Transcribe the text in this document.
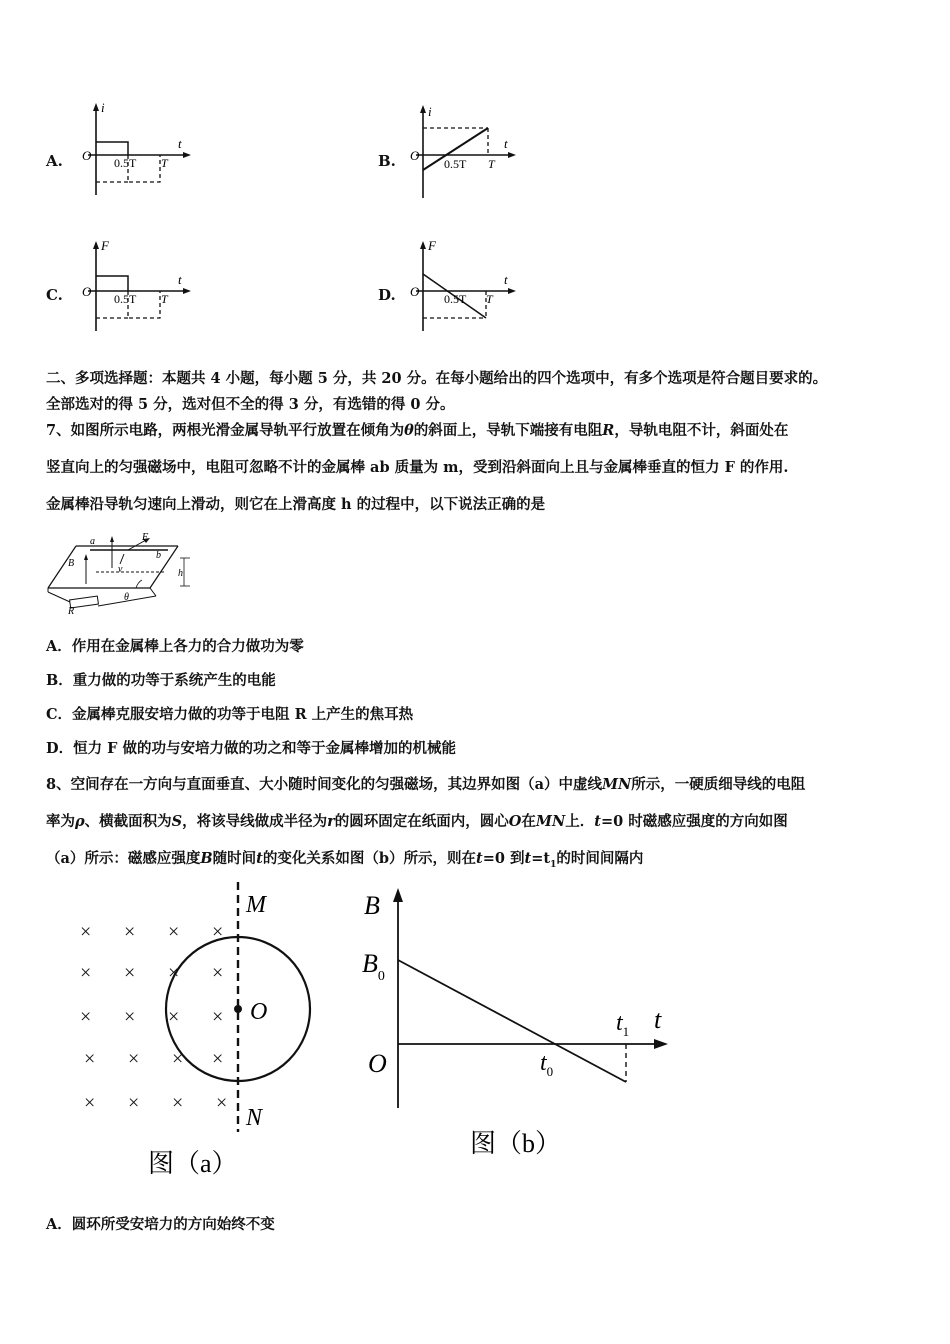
A.
i
t
O 0.5T T	B.
i
t
O
0.5T T
C.
F
t
O 0.5T T	D.
F
t
O 0.5T T
二、多项选择题：本题共 4 小题，每小题 5 分，共 20 分。在每小题给出的四个选项中，有多个选项是符合题目要求的。
全部选对的得 5 分，选对但不全的得 3 分，有选错的得 0 分。
7、如图所示电路，两根光滑金属导轨平行放置在倾角为θ的斜面上，导轨下端接有电阻R，导轨电阻不计，斜面处在
竖直向上的匀强磁场中，电阻可忽略不计的金属棒 ab 质量为 m，受到沿斜面向上且与金属棒垂直的恒力 F 的作用.
金属棒沿导轨匀速向上滑动，则它在上滑高度 h 的过程中，以下说法正确的是
a	F
b
B
v	h
R
θ
A．作用在金属棒上各力的合力做功为零
B．重力做的功等于系统产生的电能
C．金属棒克服安培力做的功等于电阻 R 上产生的焦耳热
D．恒力 F 做的功与安培力做的功之和等于金属棒增加的机械能
8、空间存在一方向与直面垂直、大小随时间变化的匀强磁场，其边界如图（a）中虚线MN所示，一硬质细导线的电阻
率为ρ、横截面积为S，将该导线做成半径为r的圆环固定在纸面内，圆心O在MN上．t=0 时磁感应强度的方向如图
（a）所示：磁感应强度B随时间t的变化关系如图（b）所示，则在t=0 到$t=t_1$的时间间隔内
× × × ×
× × × ×
× × × ×
× × × ×
× × × ×
M
O
N
图（a）
B
$B_0$
$t_1$ t
O	$t_0$
图（b）
A．圆环所受安培力的方向始终不变
